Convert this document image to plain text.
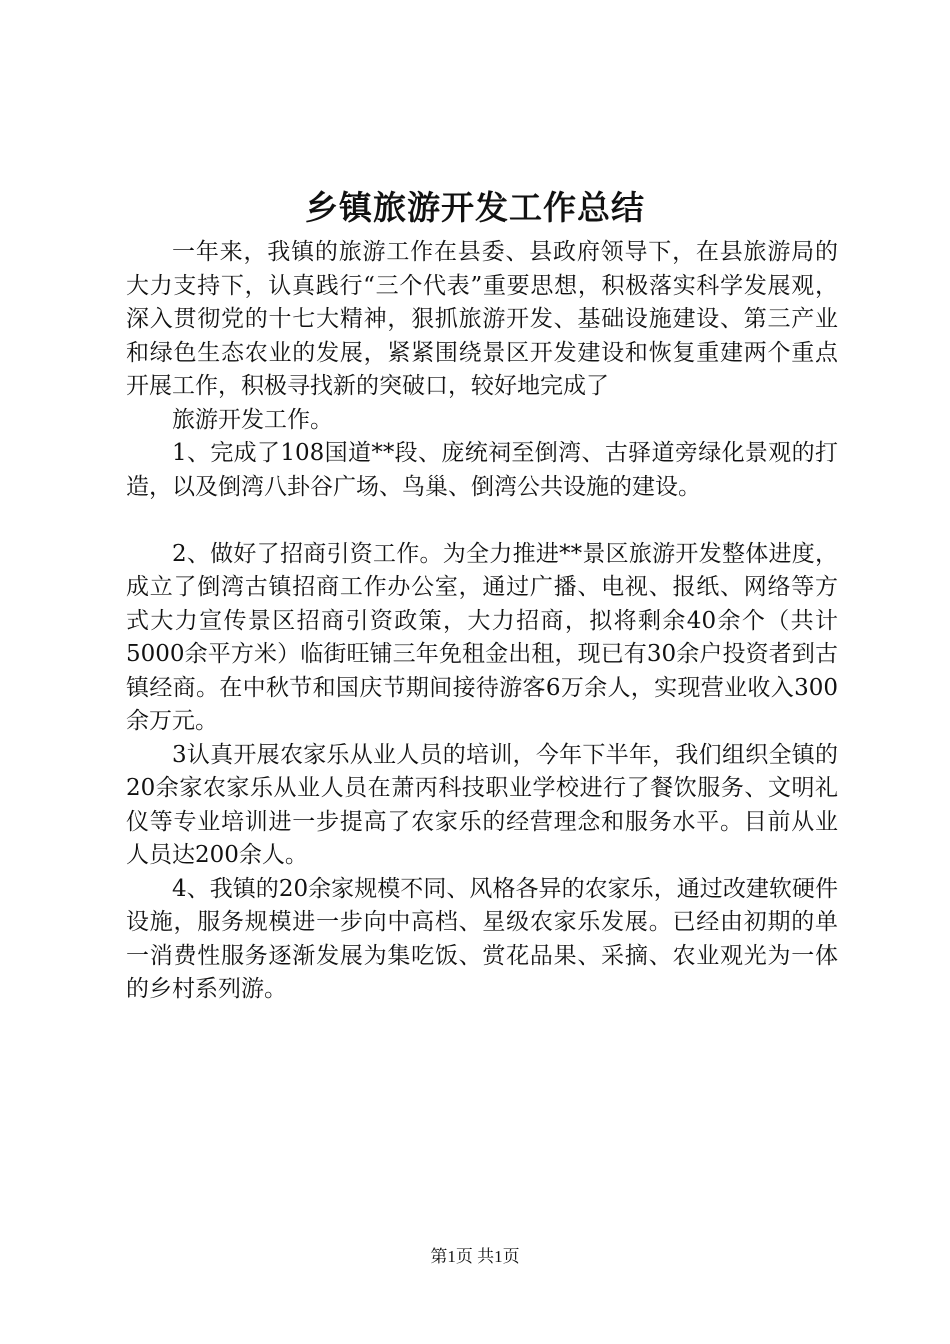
乡镇旅游开发工作总结

一年来，我镇的旅游工作在县委、县政府领导下，在县旅游局的大力支持下，认真践行“三个代表”重要思想，积极落实科学发展观，深入贯彻党的十七大精神，狠抓旅游开发、基础设施建设、第三产业和绿色生态农业的发展，紧紧围绕景区开发建设和恢复重建两个重点开展工作，积极寻找新的突破口，较好地完成了

旅游开发工作。

1、完成了108国道**段、庞统祠至倒湾、古驿道旁绿化景观的打造，以及倒湾八卦谷广场、鸟巢、倒湾公共设施的建设。

2、做好了招商引资工作。为全力推进**景区旅游开发整体进度，成立了倒湾古镇招商工作办公室，通过广播、电视、报纸、网络等方式大力宣传景区招商引资政策，大力招商，拟将剩余40余个（共计5000余平方米）临街旺铺三年免租金出租，现已有30余户投资者到古镇经商。在中秋节和国庆节期间接待游客6万余人，实现营业收入300余万元。

3认真开展农家乐从业人员的培训，今年下半年，我们组织全镇的20余家农家乐从业人员在萧丙科技职业学校进行了餐饮服务、文明礼仪等专业培训进一步提高了农家乐的经营理念和服务水平。目前从业人员达200余人。

4、我镇的20余家规模不同、风格各异的农家乐，通过改建软硬件设施，服务规模进一步向中高档、星级农家乐发展。已经由初期的单一消费性服务逐渐发展为集吃饭、赏花品果、采摘、农业观光为一体的乡村系列游。

第1页 共1页
